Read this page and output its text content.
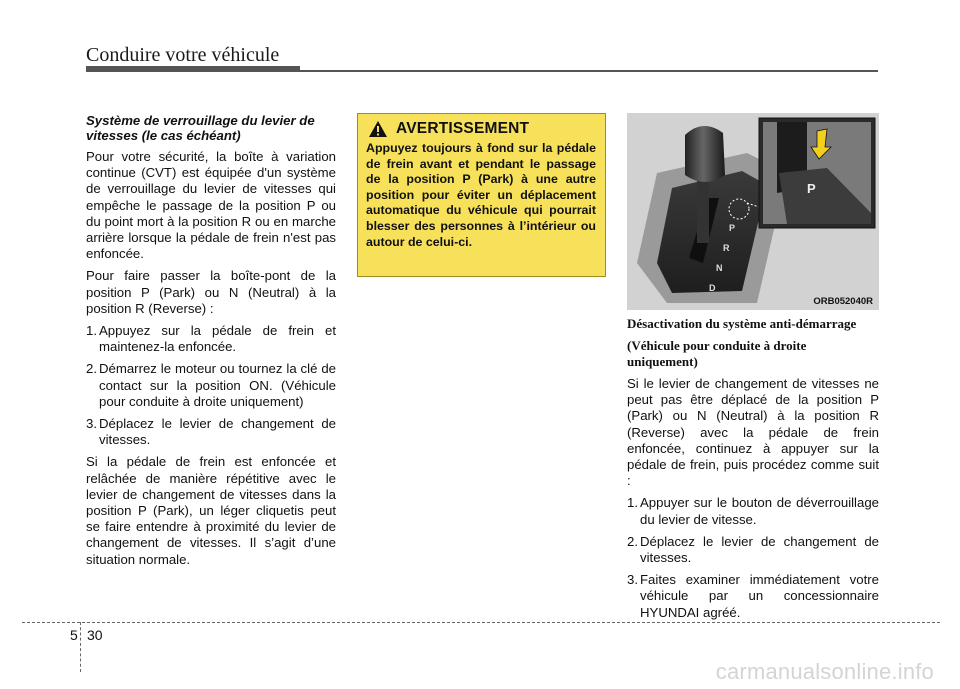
Conduire votre véhicule
Système de verrouillage du levier de vitesses (le cas échéant)

Pour votre sécurité, la boîte à variation continue (CVT) est équipée d'un système de verrouillage du levier de vitesses qui empêche le passage de la position P ou du point mort à la position R ou en marche arrière lorsque la pédale de frein n'est pas enfoncée.

Pour faire passer la boîte-pont de la position P (Park) ou N (Neutral) à la position R (Reverse) :

1. Appuyez sur la pédale de frein et maintenez-la enfoncée.
2. Démarrez le moteur ou tournez la clé de contact sur la position ON. (Véhicule pour conduite à droite uniquement)
3. Déplacez le levier de changement de vitesses.

Si la pédale de frein est enfoncée et relâchée de manière répétitive avec le levier de changement de vitesses dans la position P (Park), un léger cliquetis peut se faire entendre à proximité du levier de changement de vitesses. Il s’agit d’une situation normale.

AVERTISSEMENT

Appuyez toujours à fond sur la pédale de frein avant et pendant le passage de la position P (Park) à une autre position pour éviter un déplacement automatique du véhicule qui pourrait blesser des personnes à l’intérieur ou autour de celui-ci.

P
R
N
D
P
ORB052040R
Désactivation du système anti-démarrage
(Véhicule pour conduite à droite uniquement)

Si le levier de changement de vitesses ne peut pas être déplacé de la position P (Park) ou N (Neutral) à la position R (Reverse) avec la pédale de frein enfoncée, continuez à appuyer sur la pédale de frein, puis procédez comme suit :

1. Appuyer sur le bouton de déverrouillage du levier de vitesse.
2. Déplacez le levier de changement de vitesses.
3. Faites examiner immédiatement votre véhicule par un concessionnaire HYUNDAI agréé.
5 30
carmanualsonline.info
